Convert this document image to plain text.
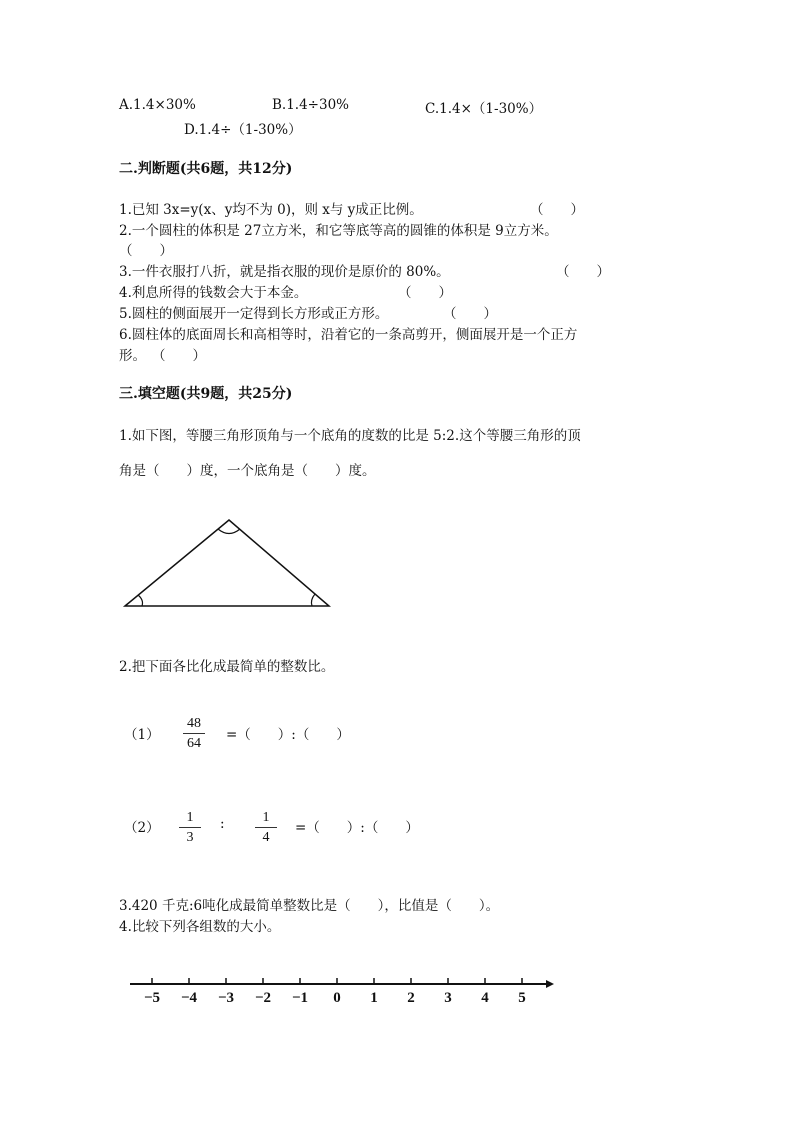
A.1.4×30%	B.1.4÷30%	C.1.4×（1-30%）
D.1.4÷（1-30%）
二.判断题(共6题，共12分)
1.已知 3x=y(x、y均不为 0)，则 x与 y成正比例。	（　　）
2.一个圆柱的体积是 27立方米，和它等底等高的圆锥的体积是 9立方米。
（　　）
3.一件衣服打八折，就是指衣服的现价是原价的 80%。	（　　）
4.利息所得的钱数会大于本金。	（　　）
5.圆柱的侧面展开一定得到长方形或正方形。	（　　）
6.圆柱体的底面周长和高相等时，沿着它的一条高剪开，侧面展开是一个正方
形。 （　　）
三.填空题(共9题，共25分)
1.如下图，等腰三角形顶角与一个底角的度数的比是 5:2.这个等腰三角形的顶
角是（　　）度，一个底角是（　　）度。
2.把下面各比化成最简单的整数比。
（1）
48
64
=（　　）:（　　）
（2）
1
3
:	1
4
=（　　）:（　　）
3.420 千克:6吨化成最简单整数比是（　　），比值是（　　）。
4.比较下列各组数的大小。
−5	−4	−3	−2	−1	0	1	2	3	4	5
